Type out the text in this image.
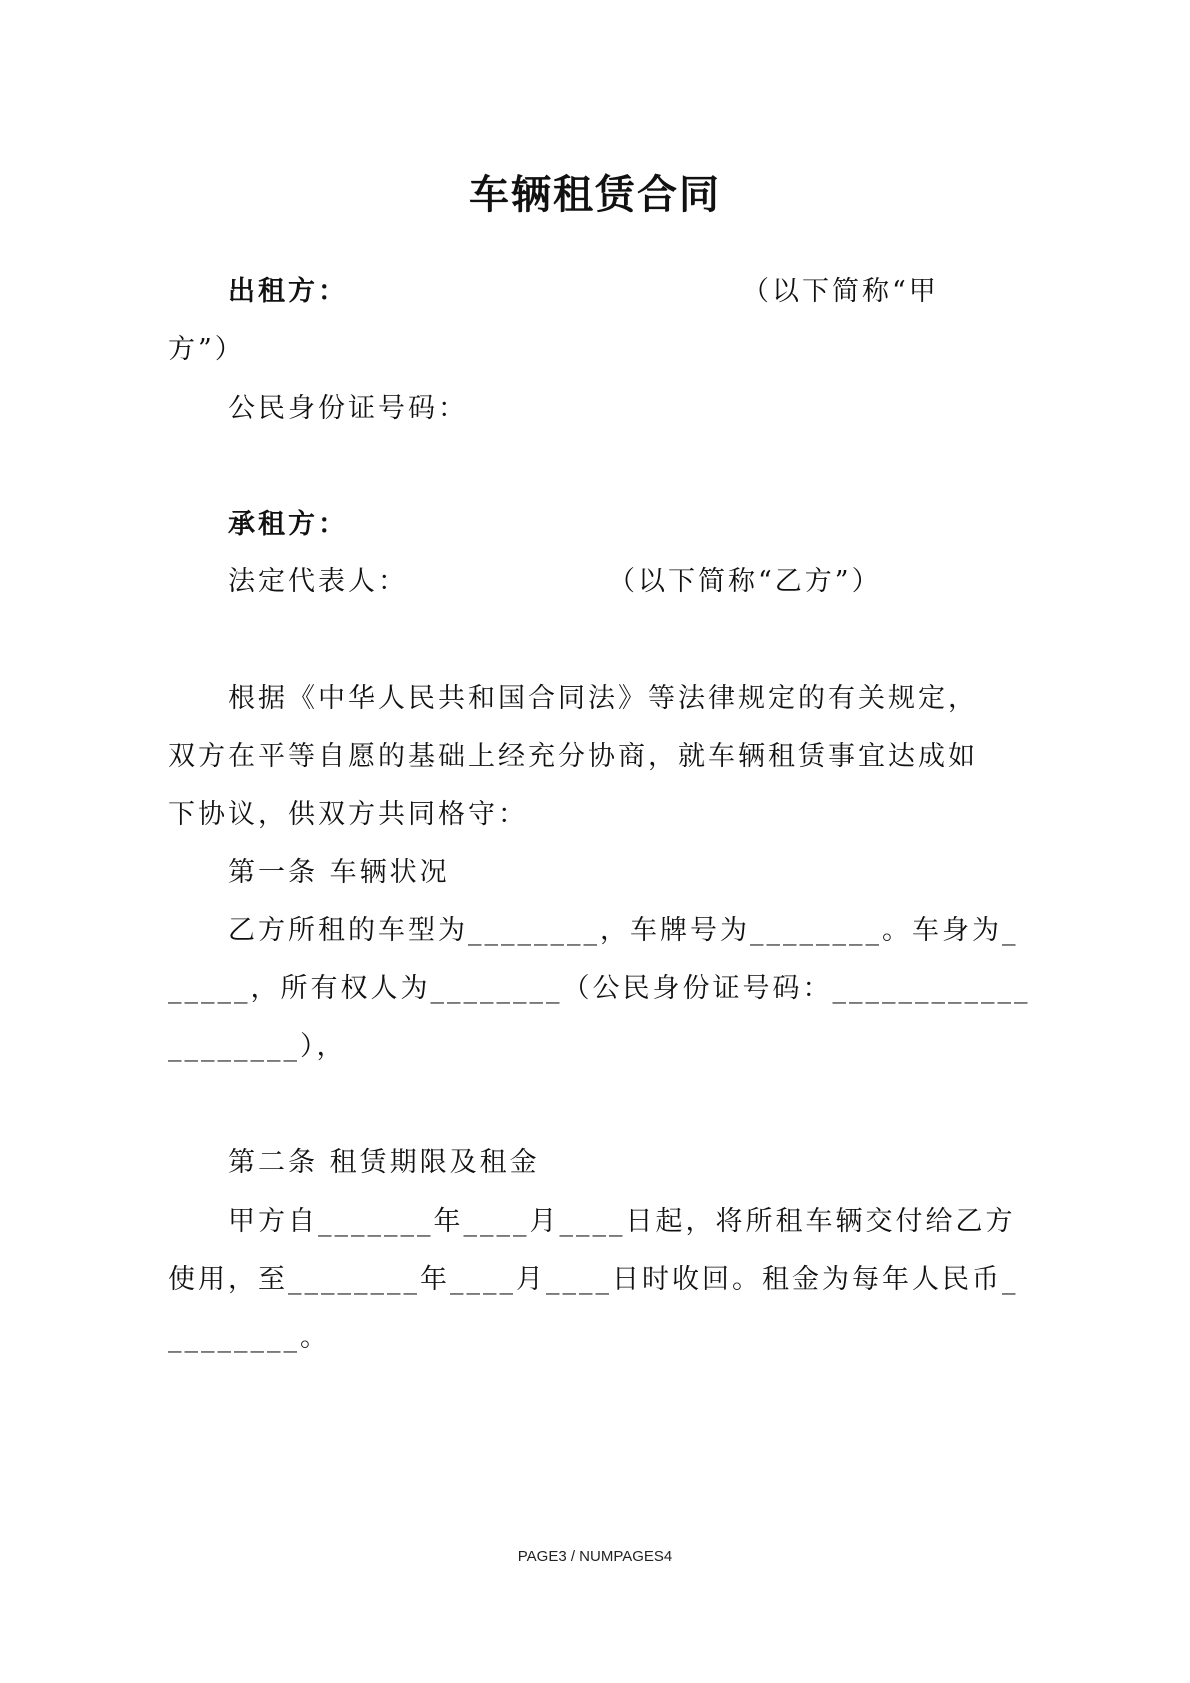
车辆租赁合同
出租方：	（以下简称“甲
方”）
公民身份证号码：
承租方：
法定代表人：	（以下简称“乙方”）
根据《中华人民共和国合同法》等法律规定的有关规定，
双方在平等自愿的基础上经充分协商，就车辆租赁事宜达成如
下协议，供双方共同格守：
第一条 车辆状况
乙方所租的车型为________，车牌号为________。车身为_
_____，所有权人为________（公民身份证号码：____________
________），
第二条 租赁期限及租金
甲方自_______年____月____日起，将所租车辆交付给乙方
使用，至________年____月____日时收回。租金为每年人民币_
________。
PAGE3 / NUMPAGES4
